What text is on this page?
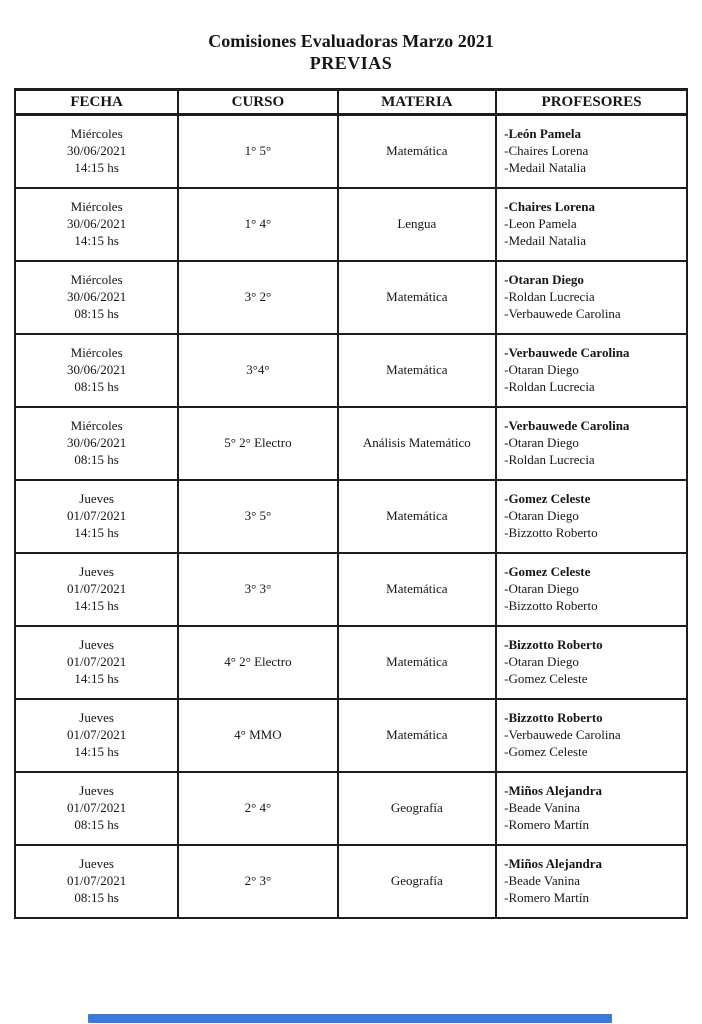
Comisiones Evaluadoras Marzo 2021
PREVIAS
FECHA	CURSO	MATERIA	PROFESORES

Miércoles
30/06/2021
14:15 hs
	1° 5°	Matemática	
-León Pamela
-Chaires Lorena
-Medail Natalia

Miércoles
30/06/2021
14:15 hs
	1° 4°	Lengua	
-Chaires Lorena
-Leon Pamela
-Medail Natalia

Miércoles
30/06/2021
08:15 hs
	3° 2°	Matemática	
-Otaran Diego
-Roldan Lucrecia
-Verbauwede Carolina

Miércoles
30/06/2021
08:15 hs
	3°4°	Matemática	
-Verbauwede Carolina
-Otaran Diego
-Roldan Lucrecia

Miércoles
30/06/2021
08:15 hs
	5° 2° Electro	Análisis Matemático	
-Verbauwede Carolina
-Otaran Diego
-Roldan Lucrecia

Jueves
01/07/2021
14:15 hs
	3° 5°	Matemática	
-Gomez Celeste
-Otaran Diego
-Bizzotto Roberto

Jueves
01/07/2021
14:15 hs
	3° 3°	Matemática	
-Gomez Celeste
-Otaran Diego
-Bizzotto Roberto

Jueves
01/07/2021
14:15 hs
	4° 2° Electro	Matemática	
-Bizzotto Roberto
-Otaran Diego
-Gomez Celeste

Jueves
01/07/2021
14:15 hs
	4° MMO	Matemática	
-Bizzotto Roberto
-Verbauwede Carolina
-Gomez Celeste

Jueves
01/07/2021
08:15 hs
	2° 4°	Geografía	
-Miños Alejandra
-Beade Vanina
-Romero Martín

Jueves
01/07/2021
08:15 hs
	2° 3°	Geografía	
-Miños Alejandra
-Beade Vanina
-Romero Martín
